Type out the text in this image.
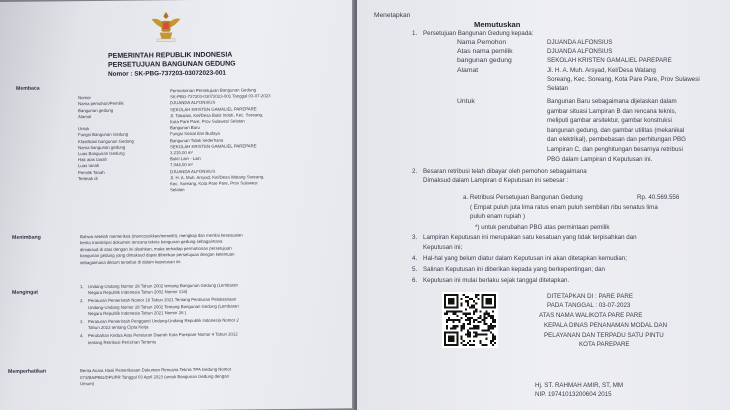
PEMERINTAH REPUBLIK INDONESIA
PERSETUJUAN BANGUNAN GEDUNG
Nomor : SK-PBG-737203-03072023-001
Membaca	Permohonan Persetujuan Bangunan Gedung
Nomor	SK-PBG-737203-03072023-001 Tanggal 03-07-2023
Nama pemohon/Pemilik	DJUANDA ALFONSIUS
Bangunan gedung	SEKOLAH KRISTEN GAMALIEL PAREPARE
Alamat	Jl. Takalasi, Kel/Desa Bukit Indah, Kec. Soreang,
Kota Pare Pare, Prov Sulawesi Selatan
Untuk	Bangunan Baru
Fungsi Bangunan Gedung	Fungsi Sosial dan Budaya
Klasifikasi bangunan Gedung	Bangunan Tidak Sederhana
Nama bangunan gedung	SEKOLAH KRISTEN GAMALIEL PAREPARE
Luas Bangunan Gedung	3.215,00 m²
Hak atas tanah	Bukti Lain - Lain
Luas tanah	7.044,00 m²
Pemilik Tanah	DJUANDA ALFONSIUS
Terletak di	Jl. H. A. Muh. Arsyad, Kel/Desa Watang Soreang,
Kec. Soreang, Kota Pare Pare, Prov Sulawesi
Selatan
Menimbang	Bahwa setelah memeriksa (mencocokkan/meneliti), mengkaji dan menilai kesesuaian
berita transkripsi dokumen rencana teknis bangunan gedung sebagaimana
dimaksud di atas dengan ini disahkan, maka terhadap permohonan persetujuan
bangunan gedung yang dimaksud dapat diberikan persetujuan dengan ketentuan
sebagaimana diktum tersebut di dalam keputusan ini.
Mengingat
1. Undang-Undang Nomor 28 Tahun 2002 tentang Bangunan Gedung (Lembaran
Negara Republik Indonesia Tahun 2002 Nomor 134)
2. Peraturan Pemerintah Nomor 16 Tahun 2021 Tentang Peraturan Pelaksanaan
Undang-Undang Nomor 28 Tahun 2002 Tentang Bangunan Gedung (Lembaran
Negara Republik Indonesia Tahun 2021 Nomor 26 )
3. Peraturan Pemerintah Pengganti Undang-Undang Republik Indonesia Nomor 2
Tahun 2022 tentang Cipta Kerja
4. Perubahan Kedua Atas Peraturan Daerah Kota Parepare Nomor 4 Tahun 2012
tentang Retribusi Perizinan Tertentu
Memperhatikan	Berita Acara Hasil Pemeriksaan Dokumen Rencana Teknis TPA Gedung Nomor
073/BA/PBG/DPUPR Tanggal 03 April 2023 (untuk Bangunan Gedung dengan
Umum)
Menetapkan
Memutuskan
1. Persetujuan Bangunan Gedung kepada:
Nama Pemohon	DJUANDA ALFONSIUS
Atas nama pemilik	DJUANDA ALFONSIUS
bangunan gedung	SEKOLAH KRISTEN GAMALIEL PAREPARE
Alamat	Jl. H. A. Muh. Arsyad, Kel/Desa Watang
Soreang, Kec. Soreang, Kota Pare Pare, Prov Sulawesi
Selatan
Untuk	Bangunan Baru sebagaimana dijelaskan dalam
gambar situasi Lampiran B dan rencana teknis,
meliputi gambar arsitektur, gambar konstruksi
bangunan gedung, dan gambar utilitas (mekanikal
dan elektrikal), pembebasan dan perhitungan PBG
Lampiran C, dan penghitungan besarnya retribusi
PBG dalam Lampiran d Keputusan ini.
2. Besaran retribusi telah dibayar oleh pemohon sebagaimana
Dimaksud dalam Lampiran d Keputusan ini sebesar :
a. Retribusi Persetujuan Bangunan Gedung	Rp. 40.569.556
( Empat puluh juta lima ratus enam puluh sembilan ribu senatus lima
puluh enam rupiah )
*) untuk perubahan PBG atas permintaan pemilik
3. Lampiran Keputusan ini merupakan satu kesatuan yang tidak terpisahkan dan
Keputusan ini;
4. Hal-hal yang belum diatur dalam Keputusan ini akan ditetapkan kemudian;
5. Salinan Keputusan ini diberikan kepada yang berkepentingan; dan
6. Keputusan ini mulai berlaku sejak tanggal ditetapkan.
DITETAPKAN DI : PARE PARE
PADA TANGGAL : 03-07-2023
ATAS NAMA WALIKOTA PARE PARE
KEPALA DINAS PENANAMAN MODAL DAN
PELAYANAN DAN TERPADU SATU PINTU
KOTA PAREPARE
Hj. ST. RAHMAH AMIR, ST, MM
NIP. 19741013200604 2015
